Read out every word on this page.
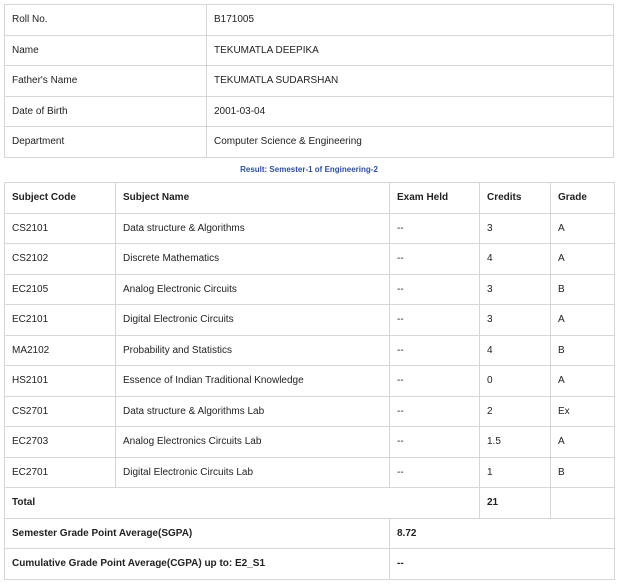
Roll No.	B171005
Name	TEKUMATLA DEEPIKA
Father's Name	TEKUMATLA SUDARSHAN
Date of Birth	2001-03-04
Department	Computer Science & Engineering
Result: Semester-1 of Engineering-2
Subject Code	Subject Name	Exam Held	Credits	Grade
CS2101	Data structure & Algorithms	--	3	A
CS2102	Discrete Mathematics	--	4	A
EC2105	Analog Electronic Circuits	--	3	B
EC2101	Digital Electronic Circuits	--	3	A
MA2102	Probability and Statistics	--	4	B
HS2101	Essence of Indian Traditional Knowledge	--	0	A
CS2701	Data structure & Algorithms Lab	--	2	Ex
EC2703	Analog Electronics Circuits Lab	--	1.5	A
EC2701	Digital Electronic Circuits Lab	--	1	B
Total			21	
Semester Grade Point Average(SGPA)		8.72		
Cumulative Grade Point Average(CGPA) up to: E2_S1		--		
